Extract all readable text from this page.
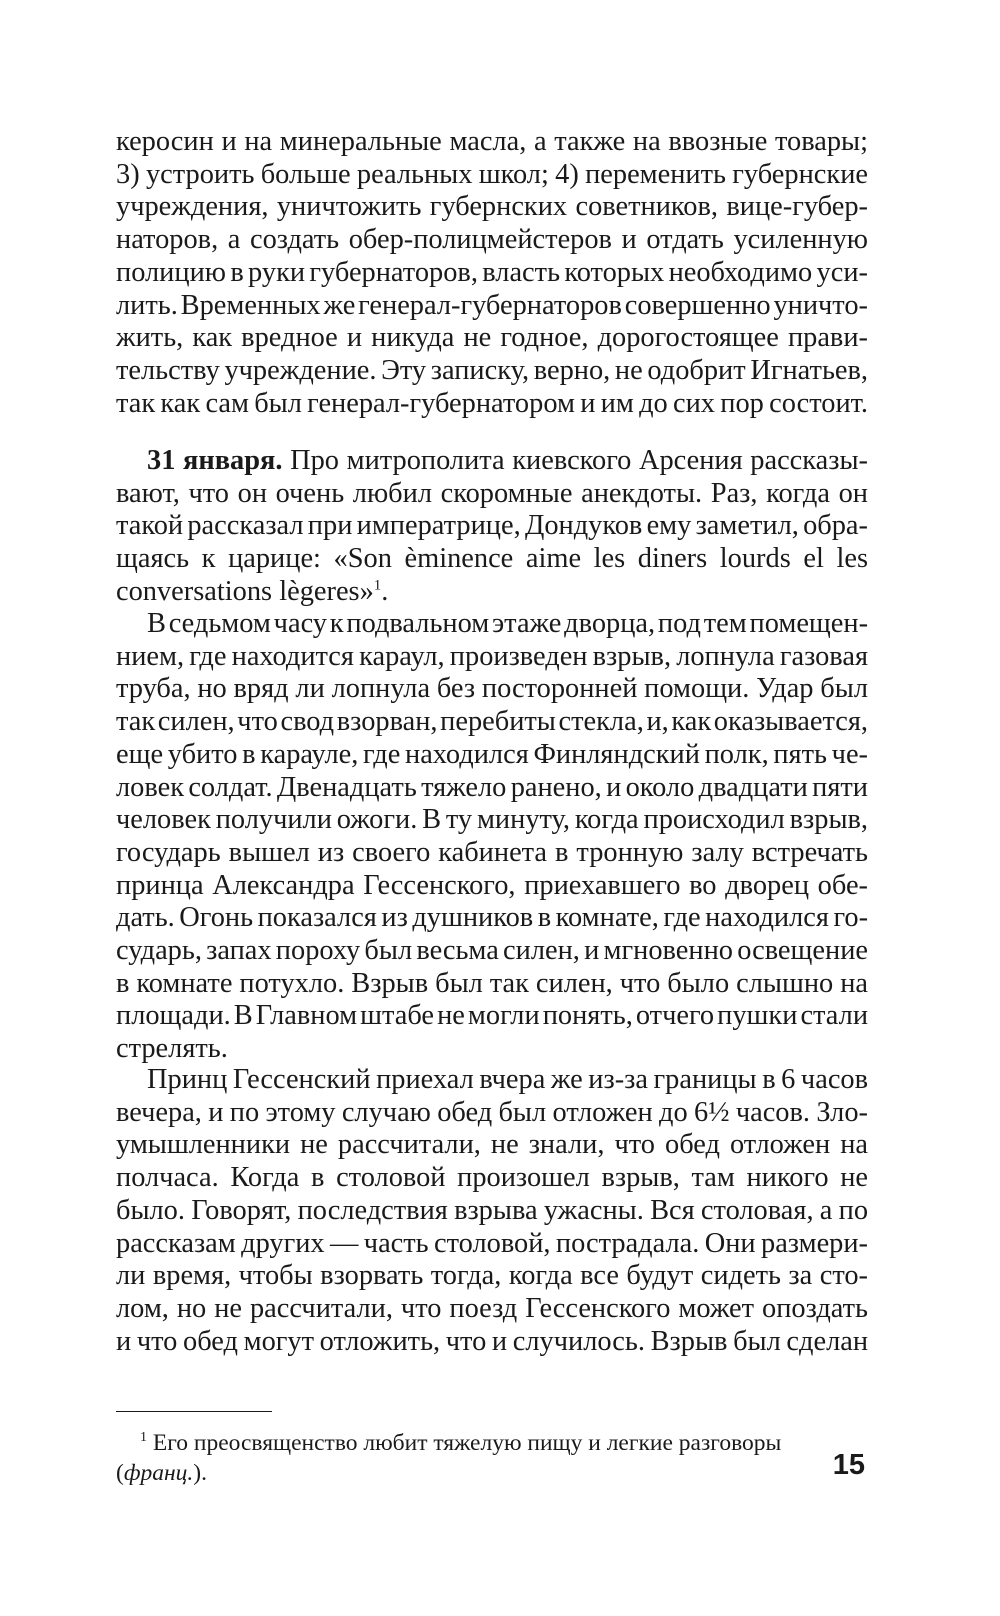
керосин и на минеральные масла, а также на ввозные товары;
3) устроить больше реальных школ; 4) переменить губернские
учреждения, уничтожить губернских советников, вице-губер-
наторов, а создать обер-полицмейстеров и отдать усиленную
полицию в руки губернаторов, власть которых необходимо уси-
лить. Временных же генерал-губернаторов совершенно уничто-
жить, как вредное и никуда не годное, дорогостоящее прави-
тельству учреждение. Эту записку, верно, не одобрит Игнатьев,
так как сам был генерал-губернатором и им до сих пор состоит.
31 января. Про митрополита киевского Арсения рассказы-
вают, что он очень любил скоромные анекдоты. Раз, когда он
такой рассказал при императрице, Дондуков ему заметил, обра-
щаясь к царице: «Son èminence aime les diners lourds el les
conversations lègeres»$^1$.
В седьмом часу к подвальном этаже дворца, под тем помещен-
нием, где находится караул, произведен взрыв, лопнула газовая
труба, но вряд ли лопнула без посторонней помощи. Удар был
так силен, что свод взорван, перебиты стекла, и, как оказывается,
еще убито в карауле, где находился Финляндский полк, пять че-
ловек солдат. Двенадцать тяжело ранено, и около двадцати пяти
человек получили ожоги. В ту минуту, когда происходил взрыв,
государь вышел из своего кабинета в тронную залу встречать
принца Александра Гессенского, приехавшего во дворец обе-
дать. Огонь показался из душников в комнате, где находился го-
сударь, запах пороху был весьма силен, и мгновенно освещение
в комнате потухло. Взрыв был так силен, что было слышно на
площади. В Главном штабе не могли понять, отчего пушки стали
стрелять.
Принц Гессенский приехал вчера же из-за границы в 6 часов
вечера, и по этому случаю обед был отложен до 6½ часов. Зло-
умышленники не рассчитали, не знали, что обед отложен на
полчаса. Когда в столовой произошел взрыв, там никого не
было. Говорят, последствия взрыва ужасны. Вся столовая, а по
рассказам других — часть столовой, пострадала. Они размери-
ли время, чтобы взорвать тогда, когда все будут сидеть за сто-
лом, но не рассчитали, что поезд Гессенского может опоздать
и что обед могут отложить, что и случилось. Взрыв был сделан

$^1$ Его преосвященство любит тяжелую пищу и легкие разговоры
(франц.).	15
